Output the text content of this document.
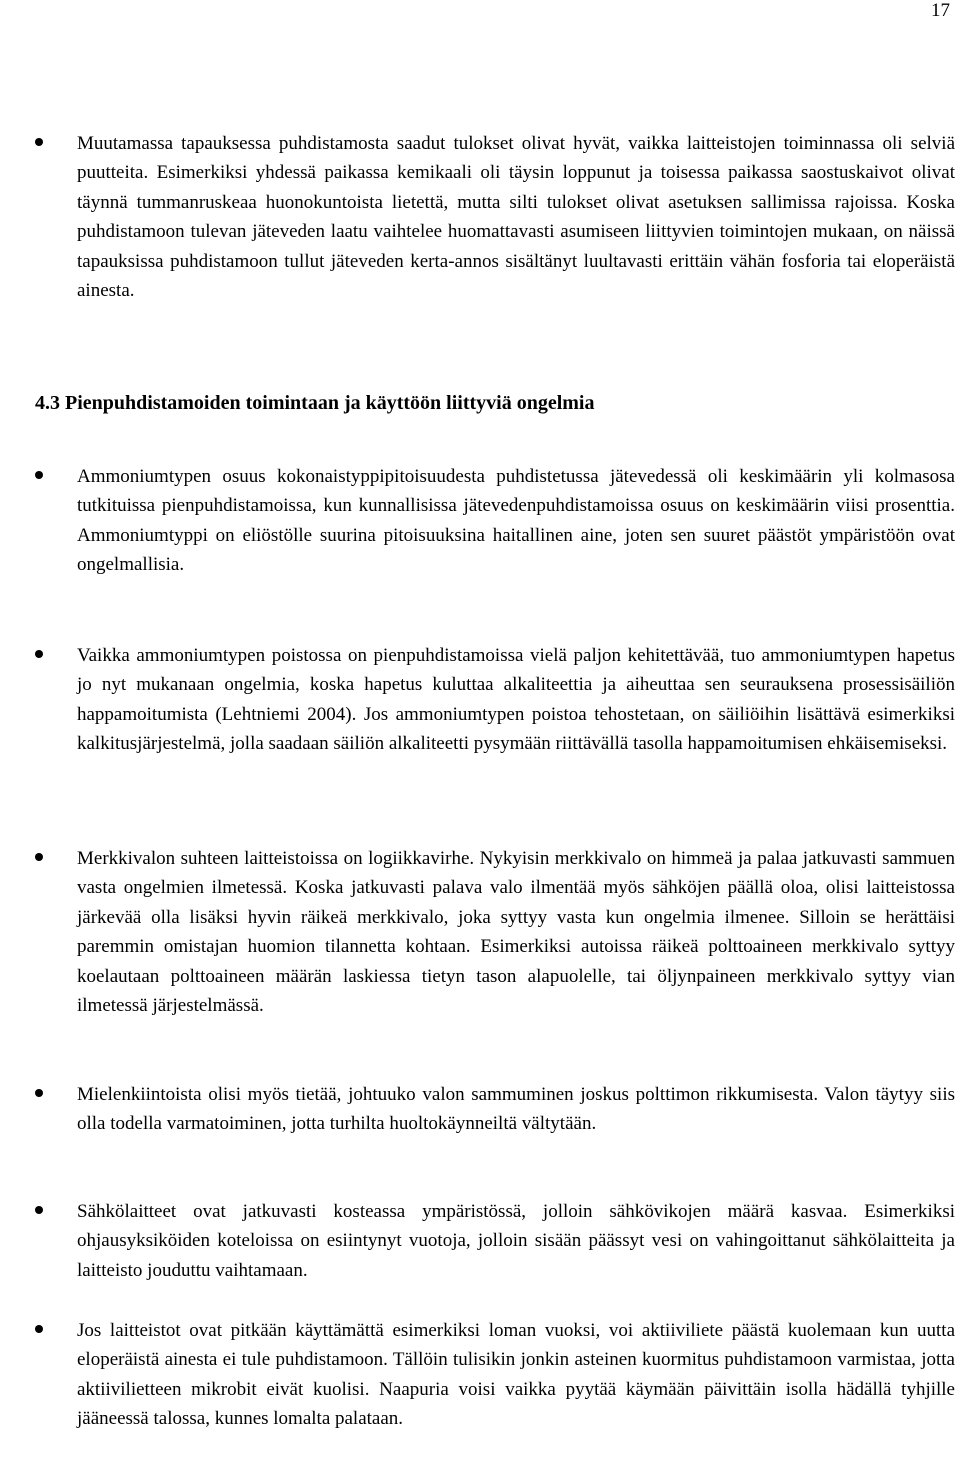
17
Muutamassa tapauksessa puhdistamosta saadut tulokset olivat hyvät, vaikka laitteistojen toiminnassa oli selviä puutteita. Esimerkiksi yhdessä paikassa kemikaali oli täysin loppunut ja toisessa paikassa saostuskaivot olivat täynnä tummanruskeaa huonokuntoista lietettä, mutta silti tulokset olivat asetuksen sallimissa rajoissa. Koska puhdistamoon tulevan jäteveden laatu vaihtelee huomattavasti asumiseen liittyvien toimintojen mukaan, on näissä tapauksissa puhdistamoon tullut jäteveden kerta-annos sisältänyt luultavasti erittäin vähän fosforia tai eloperäistä ainesta.
4.3 Pienpuhdistamoiden toimintaan ja käyttöön liittyviä ongelmia
Ammoniumtypen osuus kokonaistyppipitoisuudesta puhdistetussa jätevedessä oli keskimäärin yli kolmasosa tutkituissa pienpuhdistamoissa, kun kunnallisissa jätevedenpuhdistamoissa osuus on keskimäärin viisi prosenttia. Ammoniumtyppi on eliöstölle suurina pitoisuuksina haitallinen aine, joten sen suuret päästöt ympäristöön ovat ongelmallisia.
Vaikka ammoniumtypen poistossa on pienpuhdistamoissa vielä paljon kehitettävää, tuo ammoniumtypen hapetus jo nyt mukanaan ongelmia, koska hapetus kuluttaa alkaliteettia ja aiheuttaa sen seurauksena prosessisäiliön happamoitumista (Lehtniemi 2004). Jos ammoniumtypen poistoa tehostetaan, on säiliöihin lisättävä esimerkiksi kalkitusjärjestelmä, jolla saadaan säiliön alkaliteetti pysymään riittävällä tasolla happamoitumisen ehkäisemiseksi.
Merkkivalon suhteen laitteistoissa on logiikkavirhe. Nykyisin merkkivalo on himmeä ja palaa jatkuvasti sammuen vasta ongelmien ilmetessä. Koska jatkuvasti palava valo ilmentää myös sähköjen päällä oloa, olisi laitteistossa järkevää olla lisäksi hyvin räikeä merkkivalo, joka syttyy vasta kun ongelmia ilmenee. Silloin se herättäisi paremmin omistajan huomion tilannetta kohtaan. Esimerkiksi autoissa räikeä polttoaineen merkkivalo syttyy koelautaan polttoaineen määrän laskiessa tietyn tason alapuolelle, tai öljynpaineen merkkivalo syttyy vian ilmetessä järjestelmässä.
Mielenkiintoista olisi myös tietää, johtuuko valon sammuminen joskus polttimon rikkumisesta. Valon täytyy siis olla todella varmatoiminen, jotta turhilta huoltokäynneiltä vältytään.
Sähkölaitteet ovat jatkuvasti kosteassa ympäristössä, jolloin sähkövikojen määrä kasvaa. Esimerkiksi ohjausyksiköiden koteloissa on esiintynyt vuotoja, jolloin sisään päässyt vesi on vahingoittanut sähkölaitteita ja laitteisto jouduttu vaihtamaan.
Jos laitteistot ovat pitkään käyttämättä esimerkiksi loman vuoksi, voi aktiiviliete päästä kuolemaan kun uutta eloperäistä ainesta ei tule puhdistamoon. Tällöin tulisikin jonkin asteinen kuormitus puhdistamoon varmistaa, jotta aktiivilietteen mikrobit eivät kuolisi. Naapuria voisi vaikka pyytää käymään päivittäin isolla hädällä tyhjille jääneessä talossa, kunnes lomalta palataan.
